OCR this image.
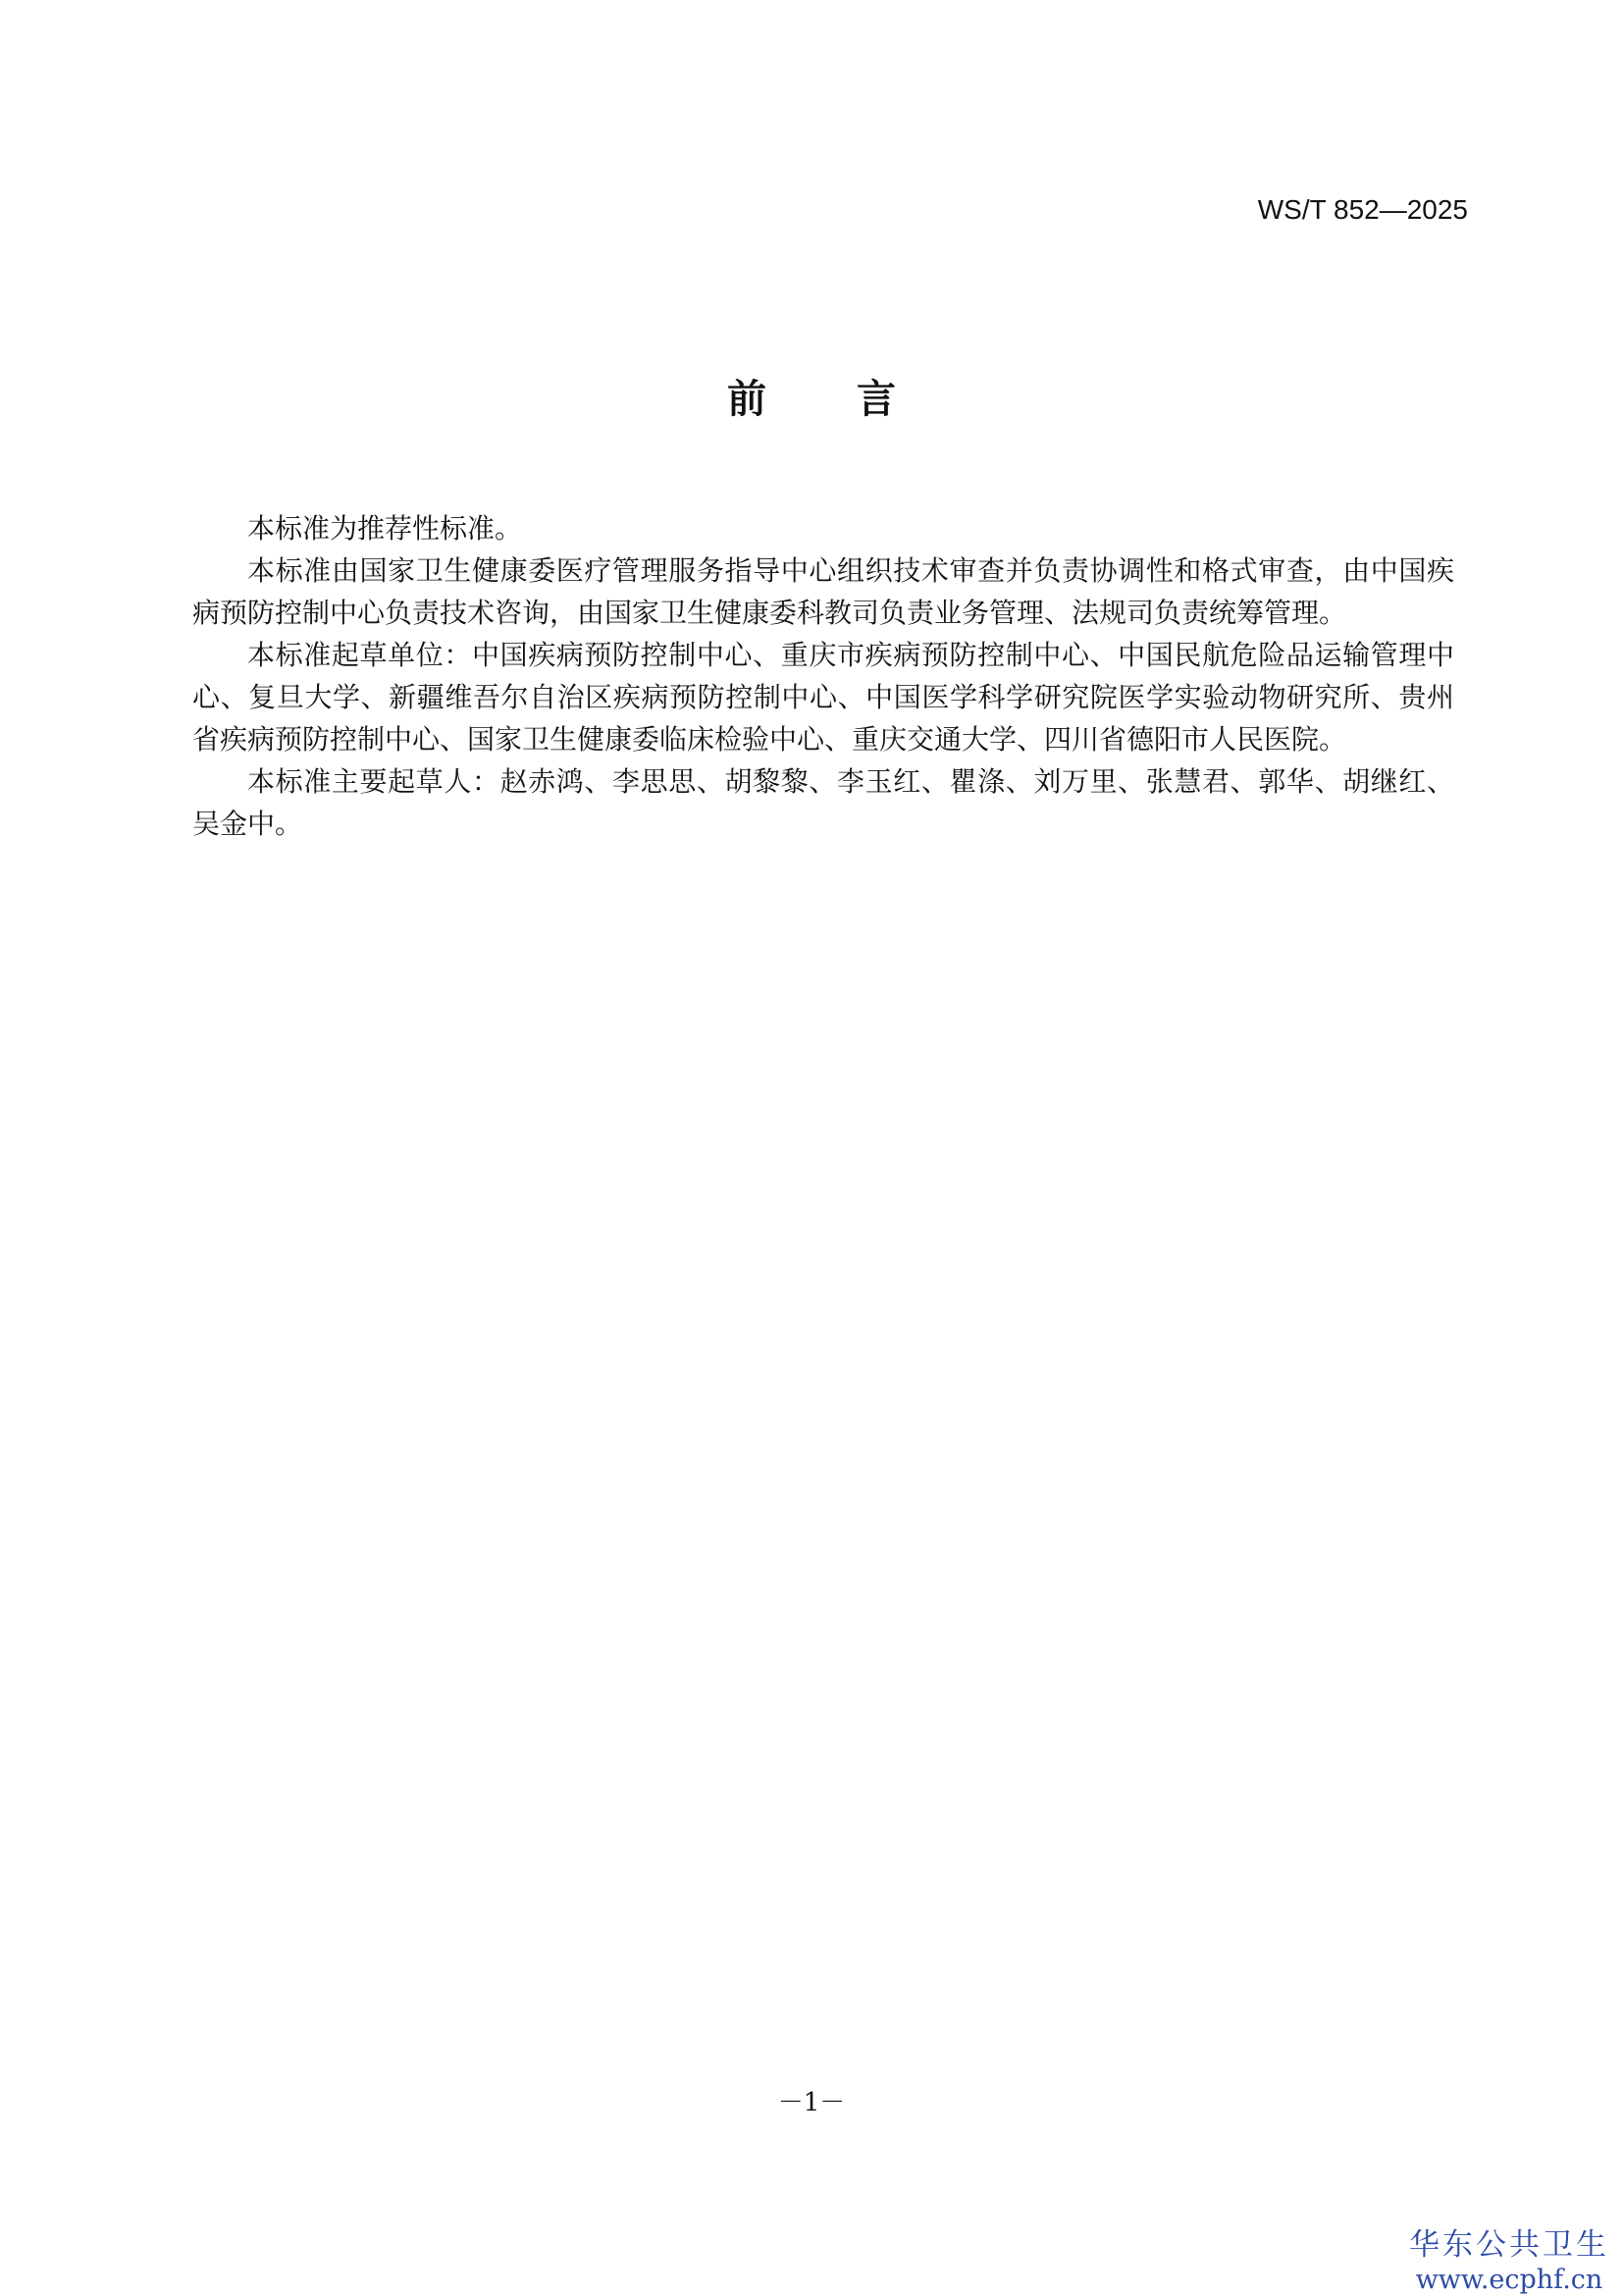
WS/T 852—2025
前 言

本标准为推荐性标准。

本标准由国家卫生健康委医疗管理服务指导中心组织技术审查并负责协调性和格式审查，由中国疾病预防控制中心负责技术咨询，由国家卫生健康委科教司负责业务管理、法规司负责统筹管理。

本标准起草单位：中国疾病预防控制中心、重庆市疾病预防控制中心、中国民航危险品运输管理中心、复旦大学、新疆维吾尔自治区疾病预防控制中心、中国医学科学研究院医学实验动物研究所、贵州省疾病预防控制中心、国家卫生健康委临床检验中心、重庆交通大学、四川省德阳市人民医院。

本标准主要起草人：赵赤鸿、李思思、胡黎黎、李玉红、瞿涤、刘万里、张慧君、郭华、胡继红、吴金中。

－1－
华东公共卫生
www.ecphf.cn
